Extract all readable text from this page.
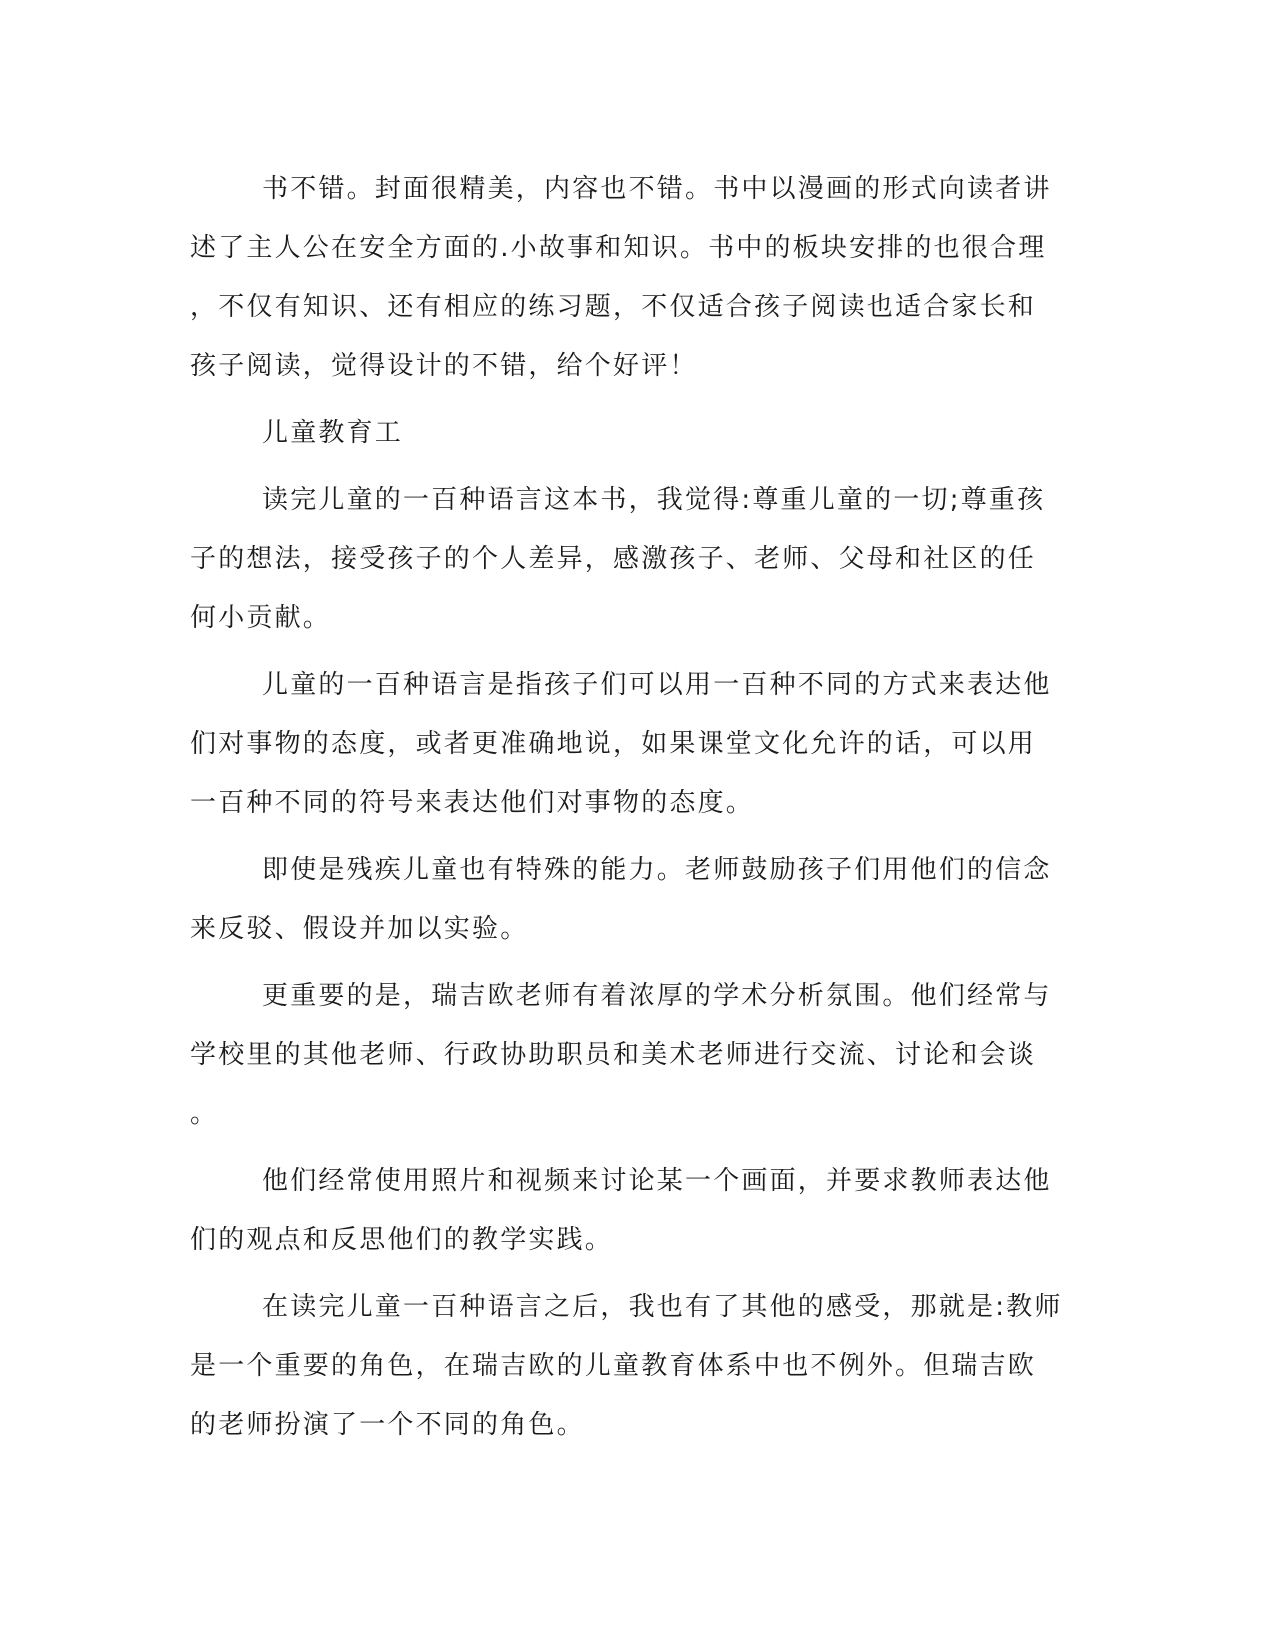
书不错。封面很精美，内容也不错。书中以漫画的形式向读者讲
述了主人公在安全方面的.小故事和知识。书中的板块安排的也很合理
，不仅有知识、还有相应的练习题，不仅适合孩子阅读也适合家长和
孩子阅读，觉得设计的不错，给个好评！
儿童教育工
读完儿童的一百种语言这本书，我觉得:尊重儿童的一切;尊重孩
子的想法，接受孩子的个人差异，感激孩子、老师、父母和社区的任
何小贡献。
儿童的一百种语言是指孩子们可以用一百种不同的方式来表达他
们对事物的态度，或者更准确地说，如果课堂文化允许的话，可以用
一百种不同的符号来表达他们对事物的态度。
即使是残疾儿童也有特殊的能力。老师鼓励孩子们用他们的信念
来反驳、假设并加以实验。
更重要的是，瑞吉欧老师有着浓厚的学术分析氛围。他们经常与
学校里的其他老师、行政协助职员和美术老师进行交流、讨论和会谈
。
他们经常使用照片和视频来讨论某一个画面，并要求教师表达他
们的观点和反思他们的教学实践。
在读完儿童一百种语言之后，我也有了其他的感受，那就是:教师
是一个重要的角色，在瑞吉欧的儿童教育体系中也不例外。但瑞吉欧
的老师扮演了一个不同的角色。
